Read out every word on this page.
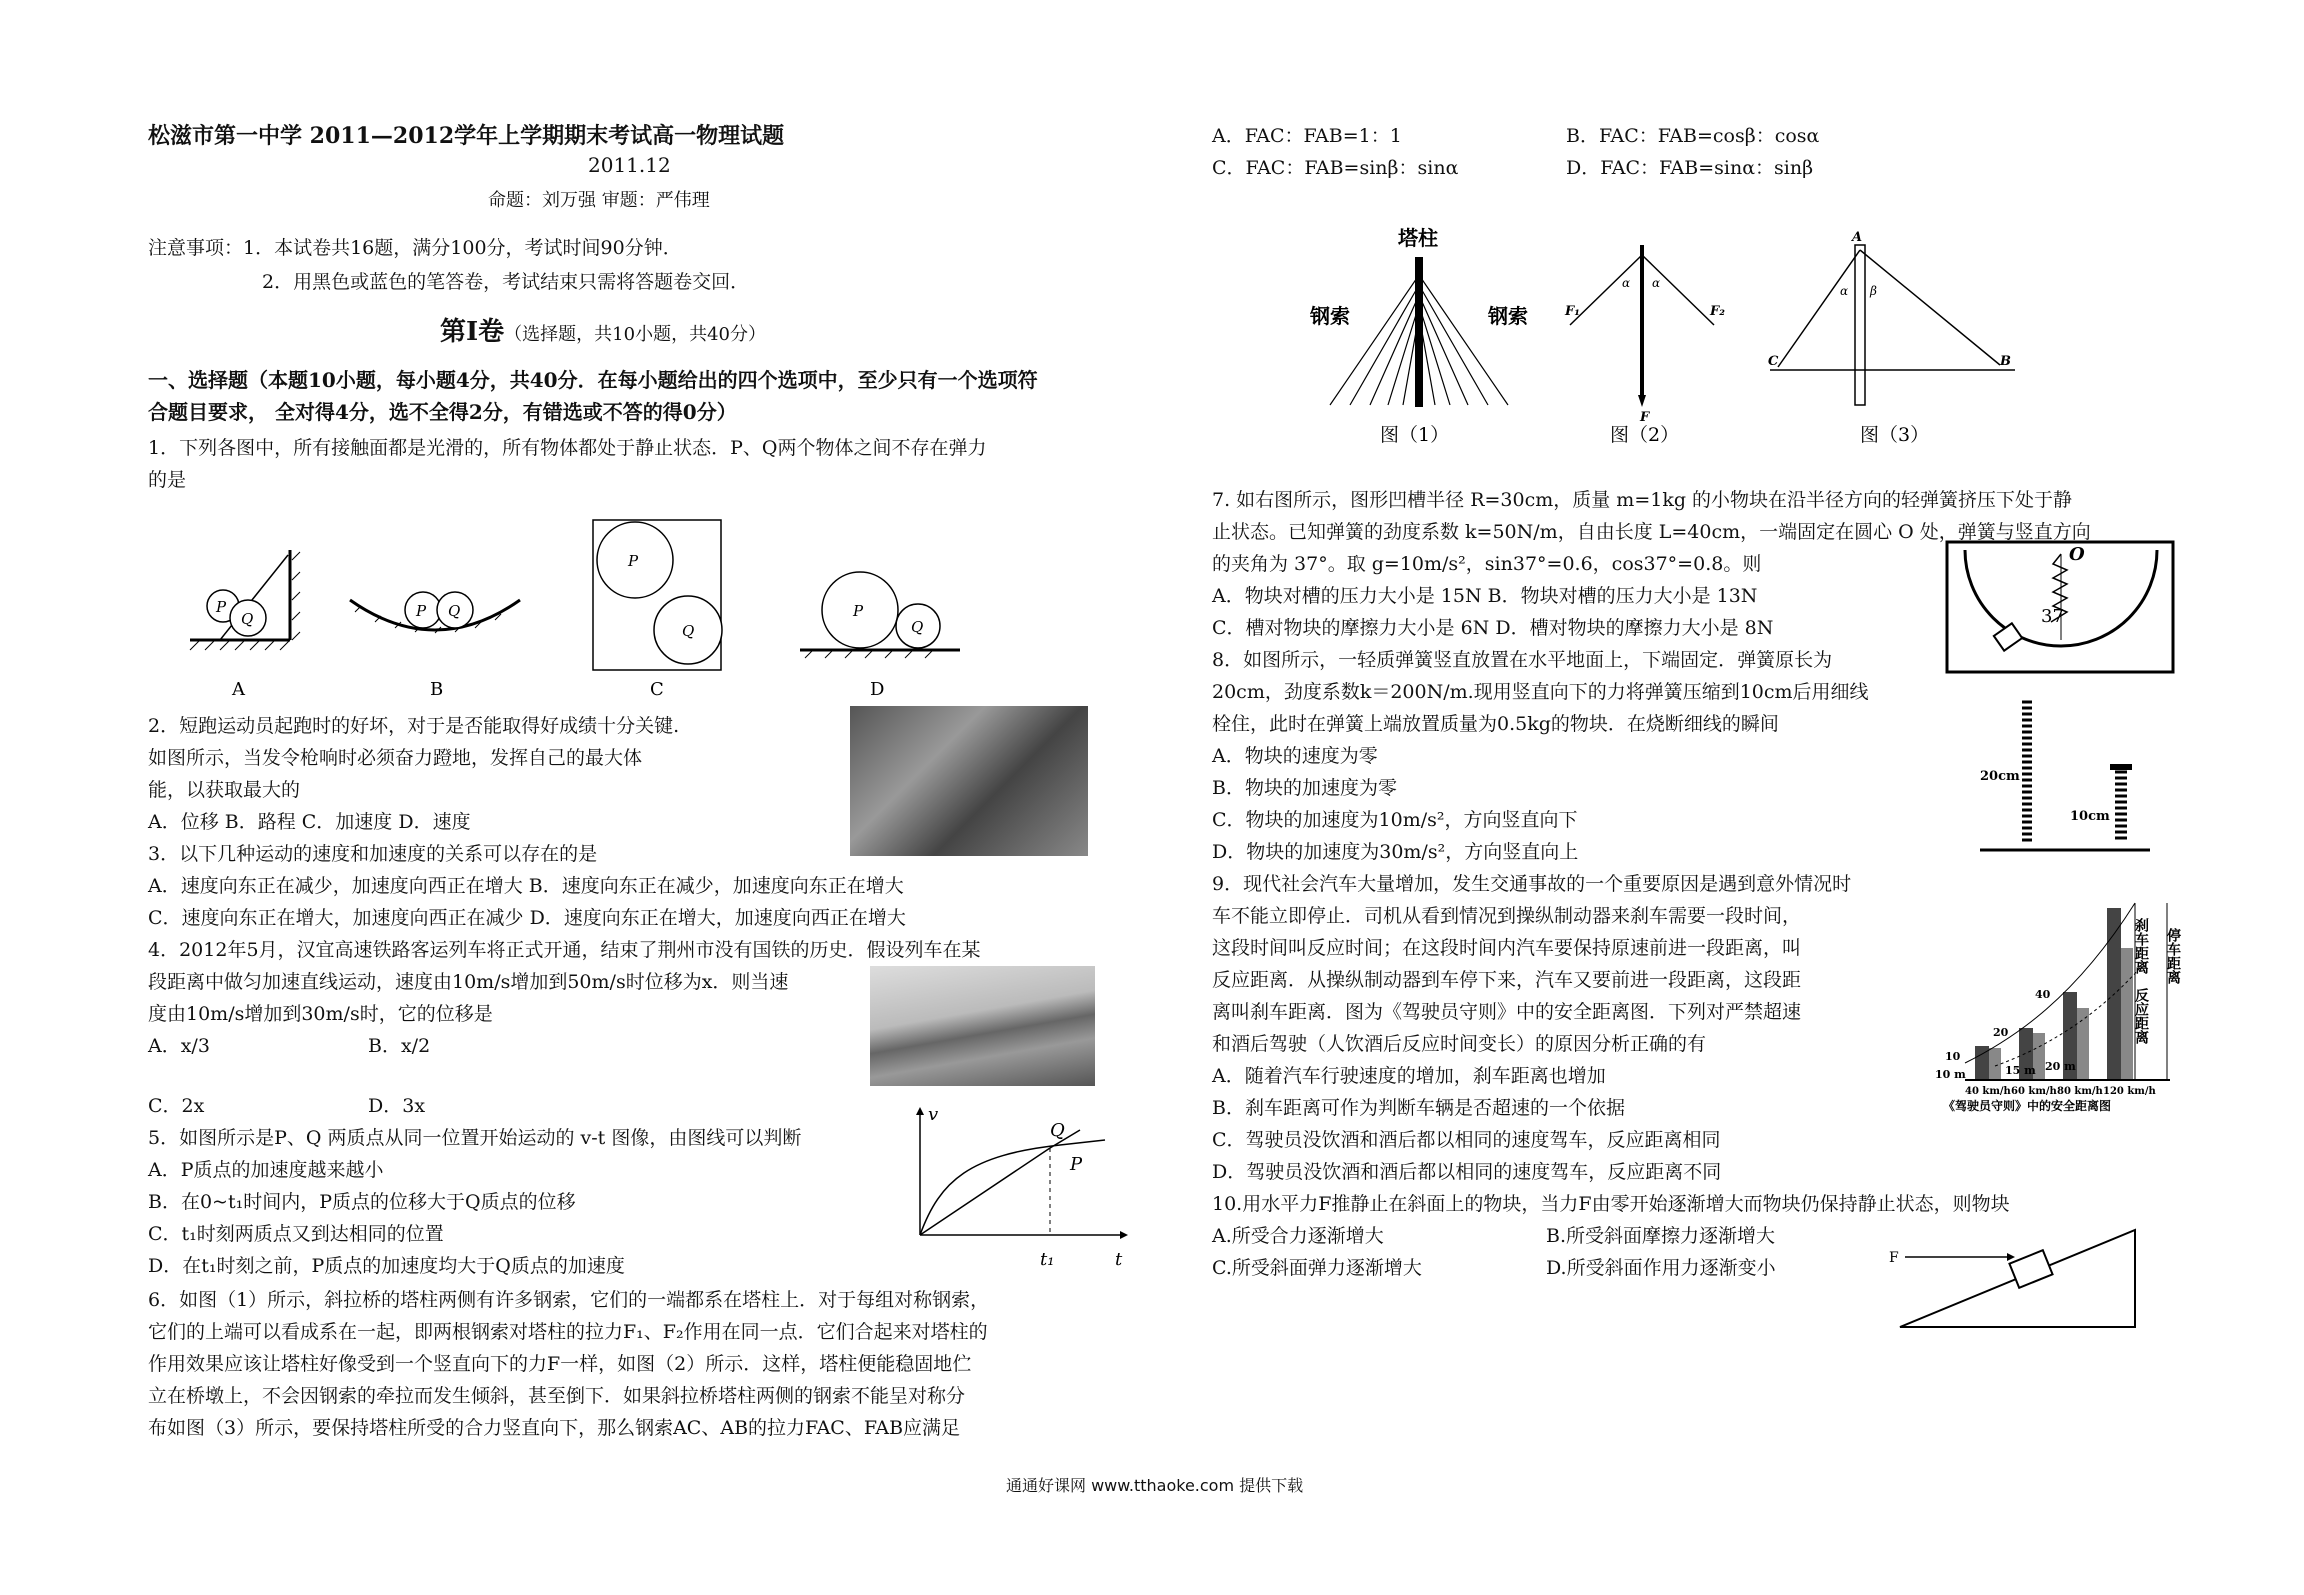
松滋市第一中学 2011—2012学年上学期期末考试高一物理试题
2011.12
命题：刘万强 审题：严伟理
注意事项：1．本试卷共16题，满分100分，考试时间90分钟．
2．用黑色或蓝色的笔答卷，考试结束只需将答题卷交回．
第Ⅰ卷（选择题，共10小题，共40分）
一、选择题（本题10小题，每小题4分，共40分．在每小题给出的四个选项中，至少只有一个选项符
合题目要求， 全对得4分，选不全得2分，有错选或不答的得0分）
1．下列各图中，所有接触面都是光滑的，所有物体都处于静止状态．P、Q两个物体之间不存在弹力
的是
P
Q	P Q
P
Q
P
Q
A	B	C	D
2．短跑运动员起跑时的好坏，对于是否能取得好成绩十分关键.
如图所示，当发令枪响时必须奋力蹬地，发挥自己的最大体
能，以获取最大的
A．位移 B．路程 C．加速度 D．速度
3．以下几种运动的速度和加速度的关系可以存在的是
A．速度向东正在减少，加速度向西正在增大 B．速度向东正在减少，加速度向东正在增大
C．速度向东正在增大，加速度向西正在减少 D．速度向东正在增大，加速度向西正在增大
4．2012年5月，汉宜高速铁路客运列车将正式开通，结束了荆州市没有国铁的历史．假设列车在某
段距离中做匀加速直线运动，速度由10m/s增加到50m/s时位移为x．则当速
度由10m/s增加到30m/s时，它的位移是
A．x/3	B．x/2
C．2x	D．3x
5．如图所示是P、Q 两质点从同一位置开始运动的 v-t 图像，由图线可以判断
A．P质点的加速度越来越小
B．在0~t₁时间内，P质点的位移大于Q质点的位移
C．t₁时刻两质点又到达相同的位置
D．在t₁时刻之前，P质点的加速度均大于Q质点的加速度
v
t
t₁
Q
P
6．如图（1）所示，斜拉桥的塔柱两侧有许多钢索，它们的一端都系在塔柱上．对于每组对称钢索，
它们的上端可以看成系在一起，即两根钢索对塔柱的拉力F₁、F₂作用在同一点．它们合起来对塔柱的
作用效果应该让塔柱好像受到一个竖直向下的力F一样，如图（2）所示．这样，塔柱便能稳固地伫
立在桥墩上，不会因钢索的牵拉而发生倾斜，甚至倒下．如果斜拉桥塔柱两侧的钢索不能呈对称分
布如图（3）所示，要保持塔柱所受的合力竖直向下，那么钢索AC、AB的拉力FAC、FAB应满足
A．FAC：FAB=1：1	B．FAC：FAB=cosβ：cosα
C．FAC：FAB=sinβ：sinα	D．FAC：FAB=sinα：sinβ
塔柱
钢索	钢索
图（1）
F₁	F₂
F
α α
图（2）
A
C	B
α β
图（3）
7. 如右图所示，图形凹槽半径 R=30cm，质量 m=1kg 的小物块在沿半径方向的轻弹簧挤压下处于静
止状态。已知弹簧的劲度系数 k=50N/m，自由长度 L=40cm，一端固定在圆心 O 处，弹簧与竖直方向
的夹角为 37°。取 g=10m/s²，sin37°=0.6，cos37°=0.8。则
A．物块对槽的压力大小是 15N B．物块对槽的压力大小是 13N
C．槽对物块的摩擦力大小是 6N D．槽对物块的摩擦力大小是 8N
O
37
8．如图所示，一轻质弹簧竖直放置在水平地面上，下端固定．弹簧原长为
20cm，劲度系数k＝200N/m.现用竖直向下的力将弹簧压缩到10cm后用细线
栓住，此时在弹簧上端放置质量为0.5kg的物块．在烧断细线的瞬间
A．物块的速度为零
B．物块的加速度为零
C．物块的加速度为10m/s²，方向竖直向下
D．物块的加速度为30m/s²，方向竖直向上
20cm
10cm
9．现代社会汽车大量增加，发生交通事故的一个重要原因是遇到意外情况时
车不能立即停止．司机从看到情况到操纵制动器来刹车需要一段时间，
这段时间叫反应时间；在这段时间内汽车要保持原速前进一段距离，叫
反应距离．从操纵制动器到车停下来，汽车又要前进一段距离，这段距
离叫刹车距离．图为《驾驶员守则》中的安全距离图．下列对严禁超速
和酒后驾驶（人饮酒后反应时间变长）的原因分析正确的有
A．随着汽车行驶速度的增加，刹车距离也增加
B．刹车距离可作为判断车辆是否超速的一个依据
C．驾驶员没饮酒和酒后都以相同的速度驾车，反应距离相同
D．驾驶员没饮酒和酒后都以相同的速度驾车，反应距离不同
10
20
40
10 m	15 m 20 m
40 km/h 60 km/h 80 km/h 120 km/h
刹车距离 停车距离
反应距离
《驾驶员守则》中的安全距离图
10.用水平力F推静止在斜面上的物块，当力F由零开始逐渐增大而物块仍保持静止状态，则物块
A.所受合力逐渐增大	B.所受斜面摩擦力逐渐增大
C.所受斜面弹力逐渐增大	D.所受斜面作用力逐渐变小	F
通通好课网 www.tthaoke.com 提供下载
